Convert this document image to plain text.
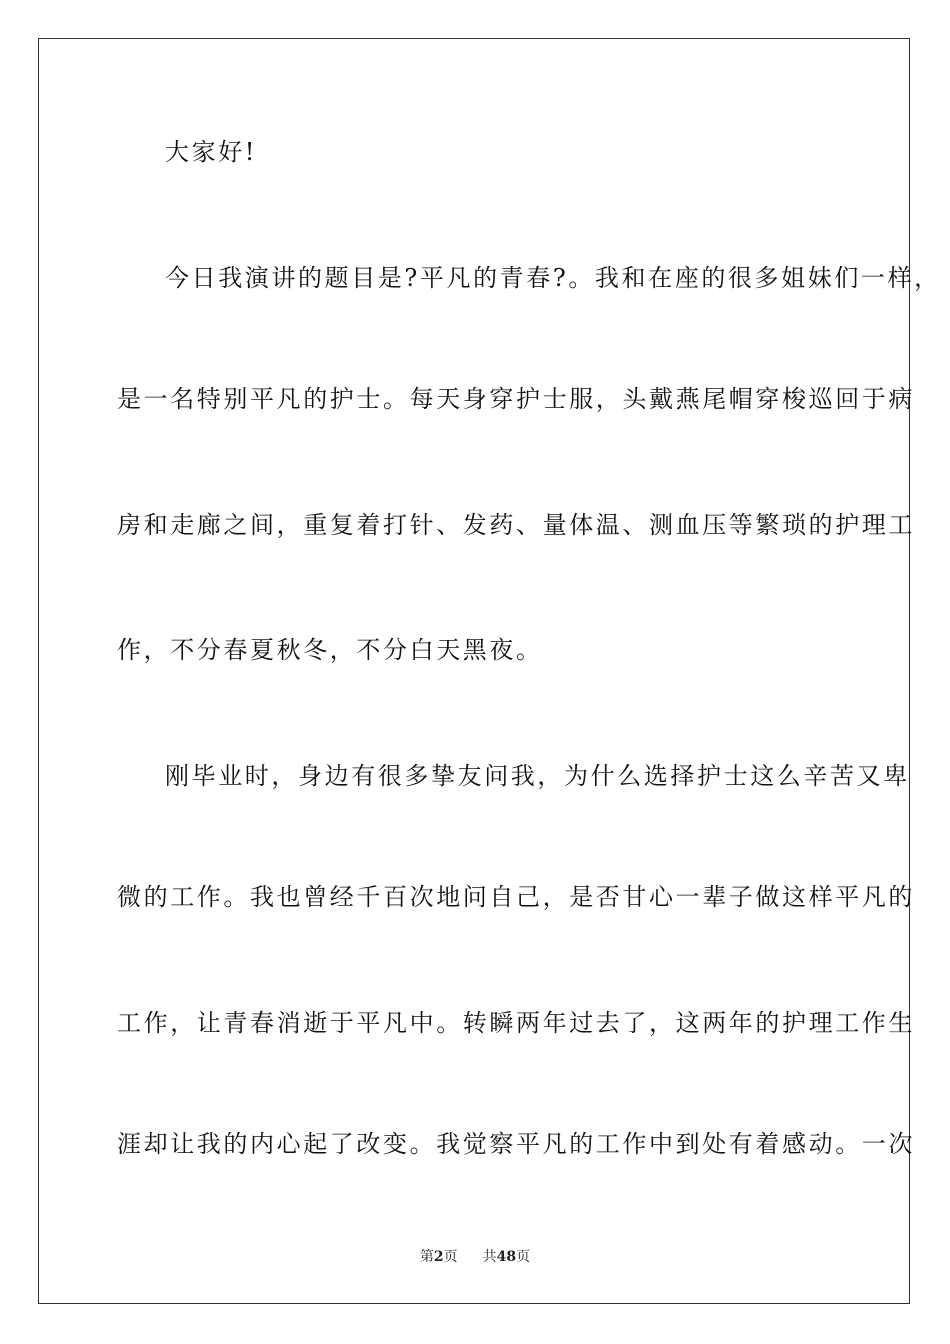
大家好!
今日我演讲的题目是?平凡的青春?。我和在座的很多姐妹们一样，
是一名特别平凡的护士。每天身穿护士服，头戴燕尾帽穿梭巡回于病
房和走廊之间，重复着打针、发药、量体温、测血压等繁琐的护理工
作，不分春夏秋冬，不分白天黑夜。
刚毕业时，身边有很多挚友问我，为什么选择护士这么辛苦又卑
微的工作。我也曾经千百次地问自己，是否甘心一辈子做这样平凡的
工作，让青春消逝于平凡中。转瞬两年过去了，这两年的护理工作生
涯却让我的内心起了改变。我觉察平凡的工作中到处有着感动。一次
第2页 共48页
